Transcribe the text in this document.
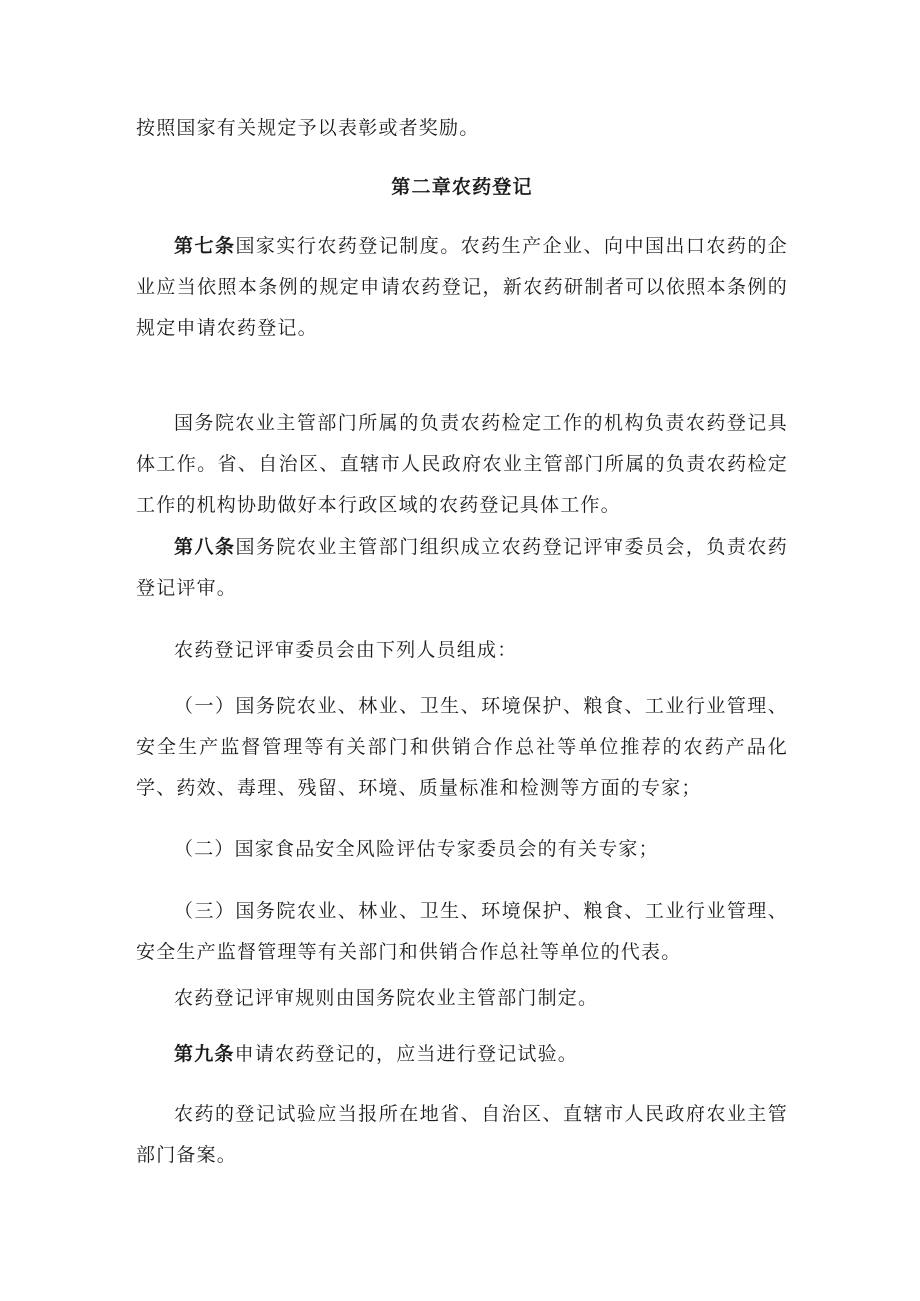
按照国家有关规定予以表彰或者奖励。

第二章农药登记

第七条国家实行农药登记制度。农药生产企业、向中国出口农药的企业应当依照本条例的规定申请农药登记，新农药研制者可以依照本条例的规定申请农药登记。

国务院农业主管部门所属的负责农药检定工作的机构负责农药登记具体工作。省、自治区、直辖市人民政府农业主管部门所属的负责农药检定工作的机构协助做好本行政区域的农药登记具体工作。

第八条国务院农业主管部门组织成立农药登记评审委员会，负责农药登记评审。

农药登记评审委员会由下列人员组成：

（一）国务院农业、林业、卫生、环境保护、粮食、工业行业管理、安全生产监督管理等有关部门和供销合作总社等单位推荐的农药产品化学、药效、毒理、残留、环境、质量标准和检测等方面的专家；

（二）国家食品安全风险评估专家委员会的有关专家；

（三）国务院农业、林业、卫生、环境保护、粮食、工业行业管理、安全生产监督管理等有关部门和供销合作总社等单位的代表。

农药登记评审规则由国务院农业主管部门制定。

第九条申请农药登记的，应当进行登记试验。

农药的登记试验应当报所在地省、自治区、直辖市人民政府农业主管部门备案。
